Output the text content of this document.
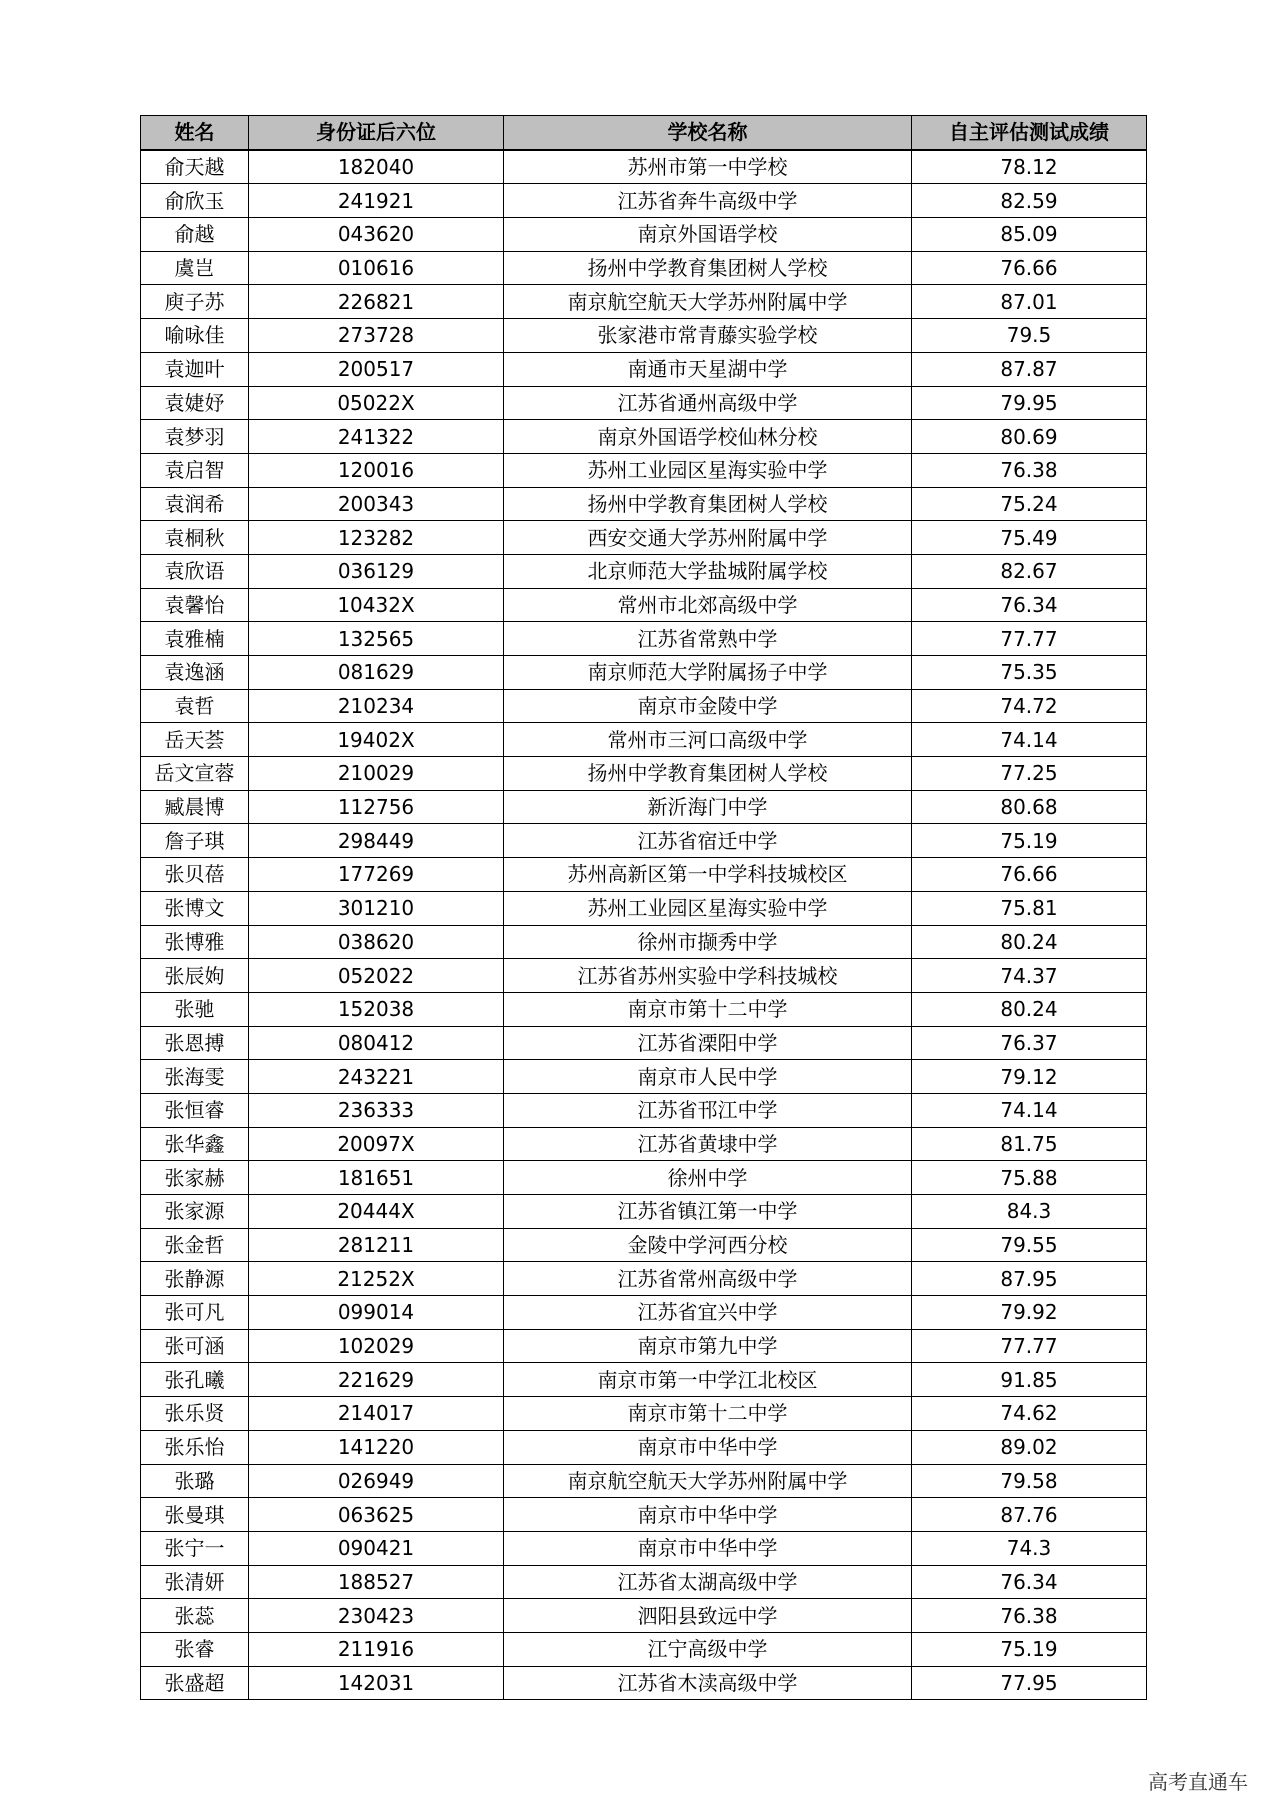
姓名	身份证后六位	学校名称	自主评估测试成绩
俞天越	182040	苏州市第一中学校	78.12
俞欣玉	241921	江苏省奔牛高级中学	82.59
俞越	043620	南京外国语学校	85.09
虞岂	010616	扬州中学教育集团树人学校	76.66
庾子苏	226821	南京航空航天大学苏州附属中学	87.01
喻咏佳	273728	张家港市常青藤实验学校	79.5
袁迦叶	200517	南通市天星湖中学	87.87
袁婕妤	05022X	江苏省通州高级中学	79.95
袁梦羽	241322	南京外国语学校仙林分校	80.69
袁启智	120016	苏州工业园区星海实验中学	76.38
袁润希	200343	扬州中学教育集团树人学校	75.24
袁桐秋	123282	西安交通大学苏州附属中学	75.49
袁欣语	036129	北京师范大学盐城附属学校	82.67
袁馨怡	10432X	常州市北郊高级中学	76.34
袁雅楠	132565	江苏省常熟中学	77.77
袁逸涵	081629	南京师范大学附属扬子中学	75.35
袁哲	210234	南京市金陵中学	74.72
岳天荟	19402X	常州市三河口高级中学	74.14
岳文宣蓉	210029	扬州中学教育集团树人学校	77.25
臧晨博	112756	新沂海门中学	80.68
詹子琪	298449	江苏省宿迁中学	75.19
张贝蓓	177269	苏州高新区第一中学科技城校区	76.66
张博文	301210	苏州工业园区星海实验中学	75.81
张博雅	038620	徐州市撷秀中学	80.24
张辰姁	052022	江苏省苏州实验中学科技城校	74.37
张驰	152038	南京市第十二中学	80.24
张恩搏	080412	江苏省溧阳中学	76.37
张海雯	243221	南京市人民中学	79.12
张恒睿	236333	江苏省邗江中学	74.14
张华鑫	20097X	江苏省黄埭中学	81.75
张家赫	181651	徐州中学	75.88
张家源	20444X	江苏省镇江第一中学	84.3
张金哲	281211	金陵中学河西分校	79.55
张静源	21252X	江苏省常州高级中学	87.95
张可凡	099014	江苏省宜兴中学	79.92
张可涵	102029	南京市第九中学	77.77
张孔曦	221629	南京市第一中学江北校区	91.85
张乐贤	214017	南京市第十二中学	74.62
张乐怡	141220	南京市中华中学	89.02
张璐	026949	南京航空航天大学苏州附属中学	79.58
张曼琪	063625	南京市中华中学	87.76
张宁一	090421	南京市中华中学	74.3
张清妍	188527	江苏省太湖高级中学	76.34
张蕊	230423	泗阳县致远中学	76.38
张睿	211916	江宁高级中学	75.19
张盛超	142031	江苏省木渎高级中学	77.95
高考直通车
